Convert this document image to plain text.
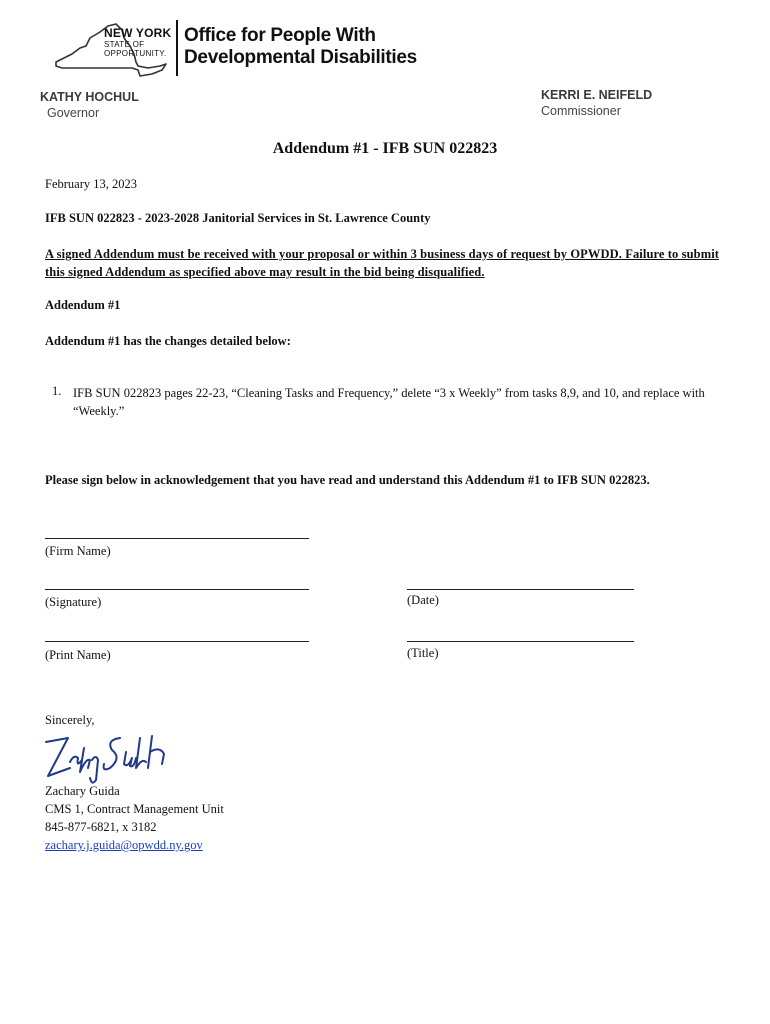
NEW YORK
STATE OF
OPPORTUNITY.
Office for People With
Developmental Disabilities
KATHY HOCHUL
Governor
KERRI E. NEIFELD
Commissioner
Addendum #1 - IFB SUN 022823
February 13, 2023
IFB SUN 022823 - 2023-2028 Janitorial Services in St. Lawrence County
A signed Addendum must be received with your proposal or within 3 business days of request by OPWDD. Failure to submit this signed Addendum as specified above may result in the bid being disqualified.
Addendum #1
Addendum #1 has the changes detailed below:
1. IFB SUN 022823 pages 22-23, “Cleaning Tasks and Frequency,” delete “3 x Weekly” from tasks 8,9, and 10, and replace with “Weekly.”
Please sign below in acknowledgement that you have read and understand this Addendum #1 to IFB SUN 022823.
(Firm Name)
(Signature)	(Date)
(Print Name)	(Title)
Sincerely,
Zachary Guida
CMS 1, Contract Management Unit
845-877-6821, x 3182
zachary.j.guida@opwdd.ny.gov
